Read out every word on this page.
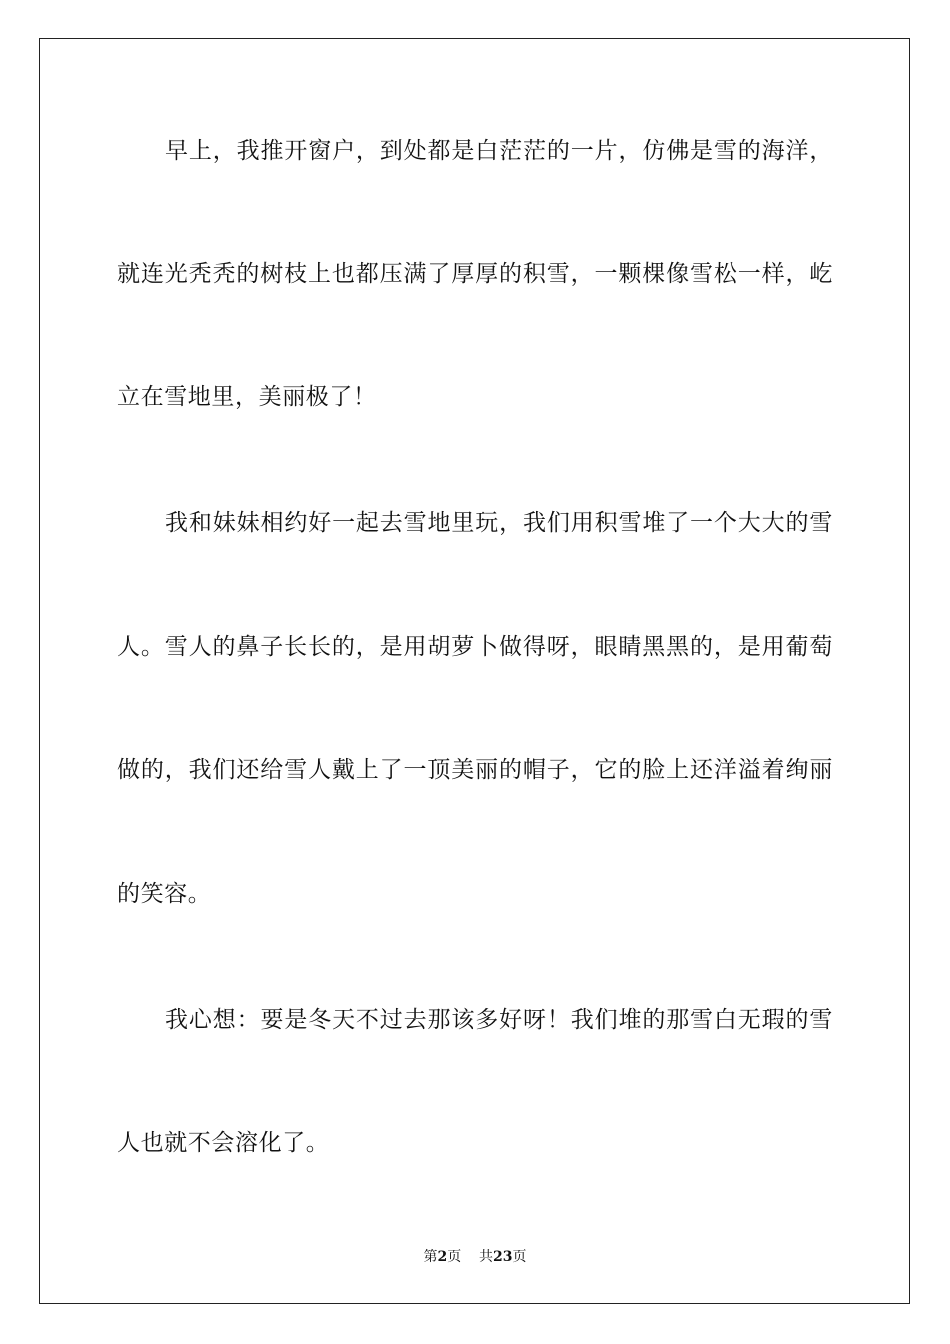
早上，我推开窗户，到处都是白茫茫的一片，仿佛是雪的海洋，
就连光秃秃的树枝上也都压满了厚厚的积雪，一颗棵像雪松一样，屹
立在雪地里，美丽极了！
我和妹妹相约好一起去雪地里玩，我们用积雪堆了一个大大的雪
人。雪人的鼻子长长的，是用胡萝卜做得呀，眼睛黑黑的，是用葡萄
做的，我们还给雪人戴上了一顶美丽的帽子，它的脸上还洋溢着绚丽
的笑容。
我心想：要是冬天不过去那该多好呀！我们堆的那雪白无瑕的雪
人也就不会溶化了。
第2页 共23页
